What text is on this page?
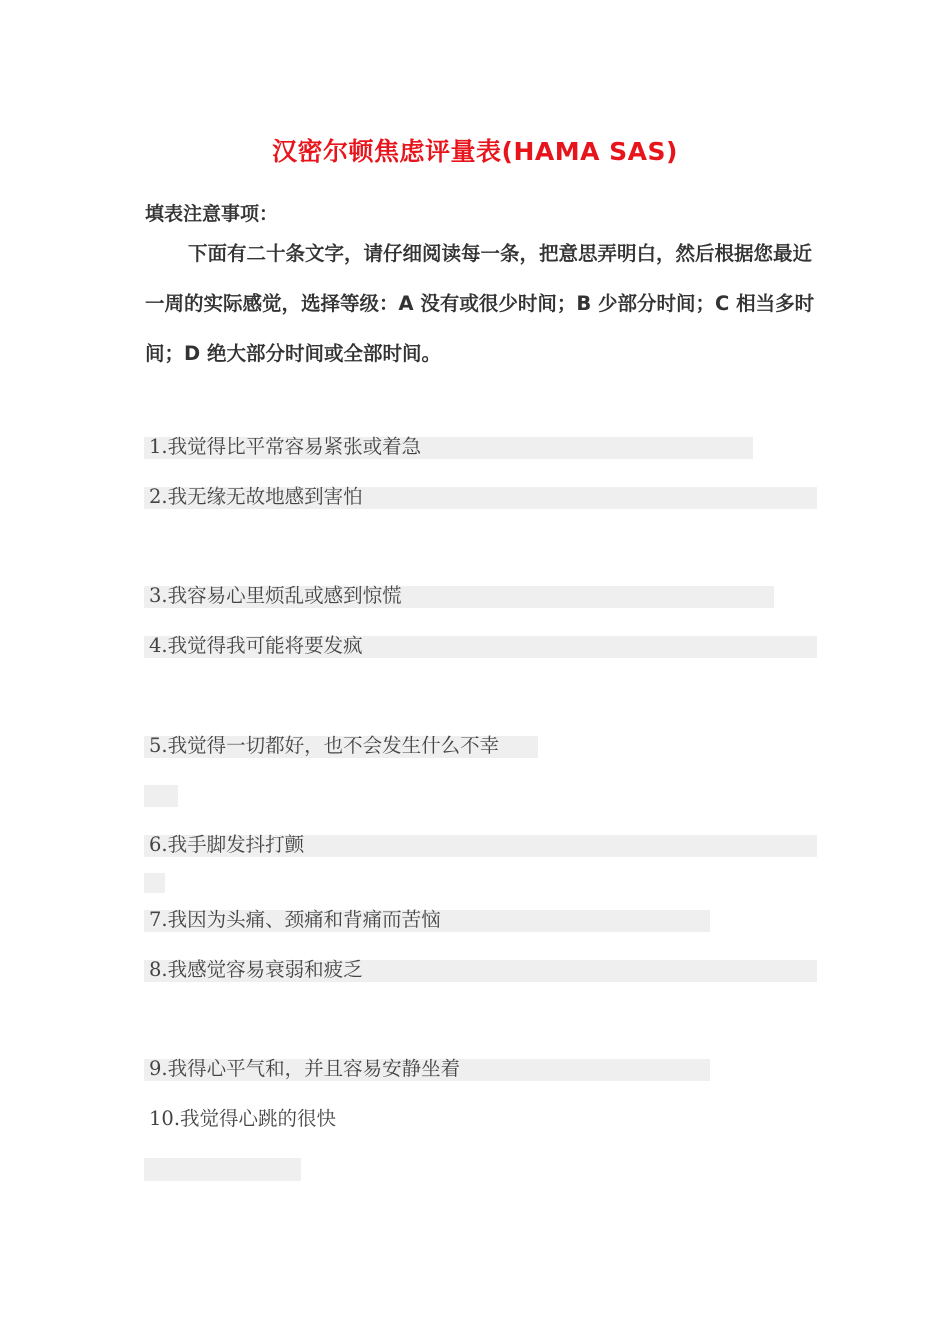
汉密尔顿焦虑评量表(HAMA SAS)
填表注意事项：
下面有二十条文字，请仔细阅读每一条，把意思弄明白，然后根据您最近一周的实际感觉，选择等级：A 没有或很少时间；B 少部分时间；C 相当多时间；D 绝大部分时间或全部时间。
1.我觉得比平常容易紧张或着急
2.我无缘无故地感到害怕
3.我容易心里烦乱或感到惊慌
4.我觉得我可能将要发疯
5.我觉得一切都好，也不会发生什么不幸
6.我手脚发抖打颤
7.我因为头痛、颈痛和背痛而苦恼
8.我感觉容易衰弱和疲乏
9.我得心平气和，并且容易安静坐着
10.我觉得心跳的很快
